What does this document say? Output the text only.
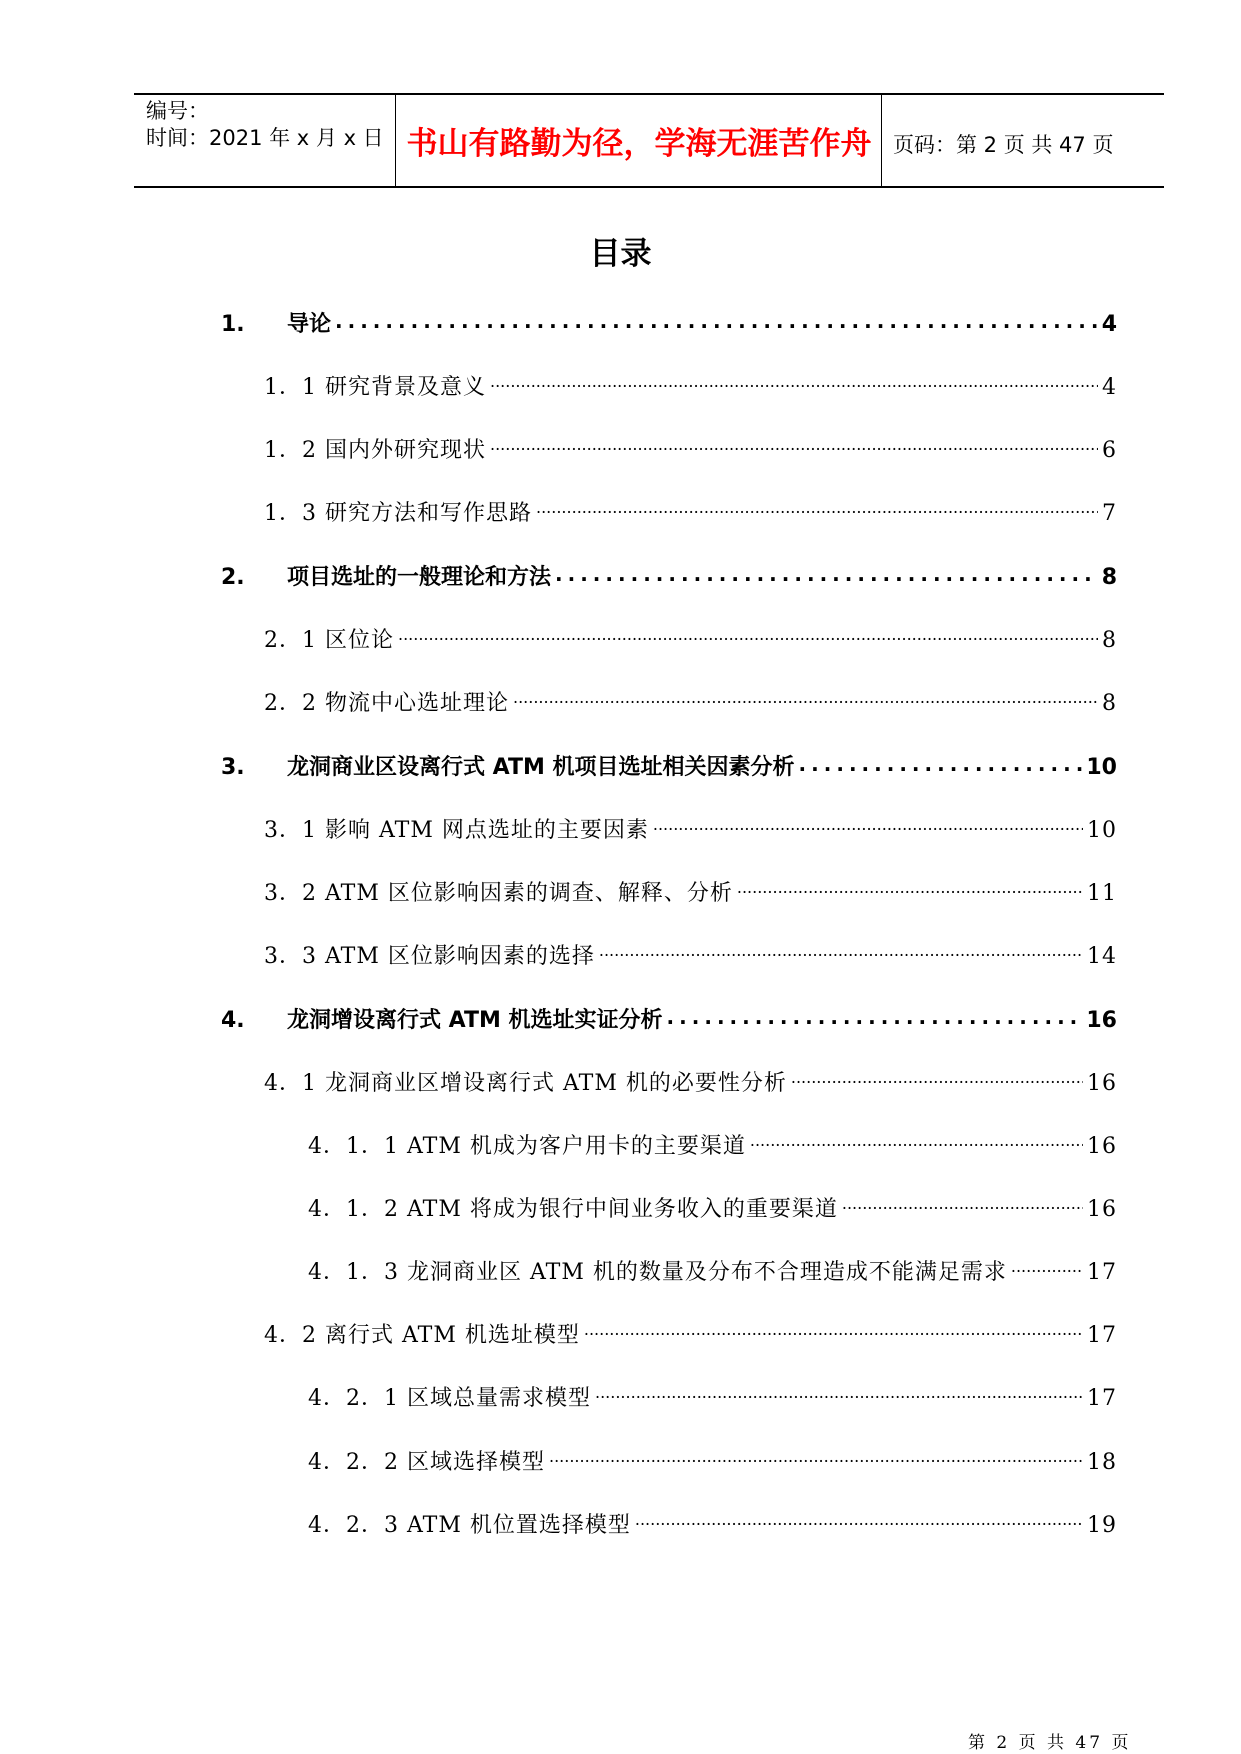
编号：
时间：2021 年 x 月 x 日 书山有路勤为径，学海无涯苦作舟	页码：第 2 页 共 47 页
目录
1.	导论 .....	4
1．1 研究背景及意义 .....	4
1．2 国内外研究现状 .....	6
1．3 研究方法和写作思路 .....	7
2.	项目选址的一般理论和方法 .....	8
2．1 区位论 .....	8
2．2 物流中心选址理论 .....	8
3.	龙洞商业区设离行式 ATM 机项目选址相关因素分析 .....	10
3．1 影响 ATM 网点选址的主要因素 .....	10
3．2 ATM 区位影响因素的调查、解释、分析 .....	11
3．3 ATM 区位影响因素的选择 .....	14
4.	龙洞增设离行式 ATM 机选址实证分析 .....	16
4．1 龙洞商业区增设离行式 ATM 机的必要性分析 .....	16
4．1．1 ATM 机成为客户用卡的主要渠道 .....	16
4．1．2 ATM 将成为银行中间业务收入的重要渠道 .....	16
4．1．3 龙洞商业区 ATM 机的数量及分布不合理造成不能满足需求 .....	17
4．2 离行式 ATM 机选址模型 .....	17
4．2．1 区域总量需求模型 .....	17
4．2．2 区域选择模型 .....	18
4．2．3 ATM 机位置选择模型 .....	19
第 2 页 共 47 页
